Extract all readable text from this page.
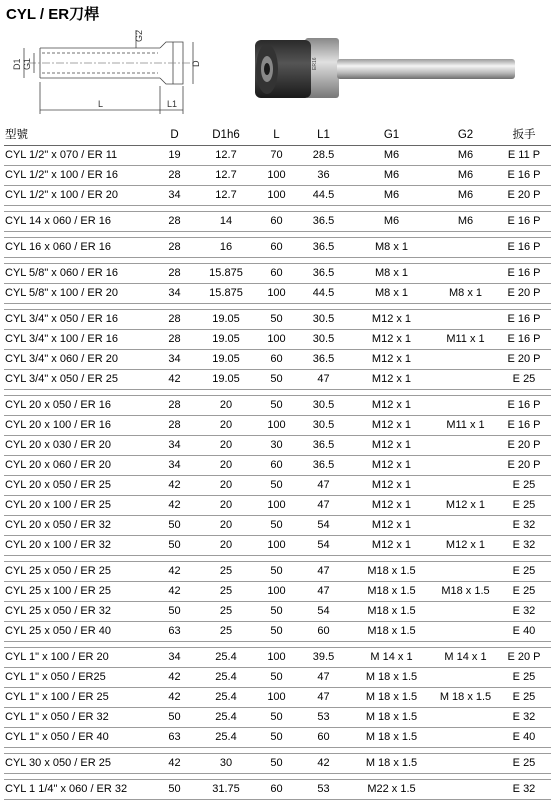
CYL / ER刀桿
G2
D1 G1	D
L	L1
ER16
型號	D	D1h6	L	L1	G1	G2	扳手
CYL 1/2" x 070 / ER 11	19	12.7	70	28.5	M6	M6	E 11 P
CYL 1/2" x 100 / ER 16	28	12.7	100	36	M6	M6	E 16 P
CYL 1/2" x 100 / ER 20	34	12.7	100	44.5	M6	M6	E 20 P

CYL 14 x 060 / ER 16	28	14	60	36.5	M6	M6	E 16 P

CYL 16 x 060 / ER 16	28	16	60	36.5	M8 x 1		E 16 P

CYL 5/8" x 060 / ER 16	28	15.875	60	36.5	M8 x 1		E 16 P
CYL 5/8" x 100 / ER 20	34	15.875	100	44.5	M8 x 1	M8 x 1	E 20 P

CYL 3/4" x 050 / ER 16	28	19.05	50	30.5	M12 x 1		E 16 P
CYL 3/4" x 100 / ER 16	28	19.05	100	30.5	M12 x 1	M11 x 1	E 16 P
CYL 3/4" x 060 / ER 20	34	19.05	60	36.5	M12 x 1		E 20 P
CYL 3/4" x 050 / ER 25	42	19.05	50	47	M12 x 1		E 25

CYL 20 x 050 / ER 16	28	20	50	30.5	M12 x 1		E 16 P
CYL 20 x 100 / ER 16	28	20	100	30.5	M12 x 1	M11 x 1	E 16 P
CYL 20 x 030 / ER 20	34	20	30	36.5	M12 x 1		E 20 P
CYL 20 x 060 / ER 20	34	20	60	36.5	M12 x 1		E 20 P
CYL 20 x 050 / ER 25	42	20	50	47	M12 x 1		E 25
CYL 20 x 100 / ER 25	42	20	100	47	M12 x 1	M12 x 1	E 25
CYL 20 x 050 / ER 32	50	20	50	54	M12 x 1		E 32
CYL 20 x 100 / ER 32	50	20	100	54	M12 x 1	M12 x 1	E 32

CYL 25 x 050 / ER 25	42	25	50	47	M18 x 1.5		E 25
CYL 25 x 100 / ER 25	42	25	100	47	M18 x 1.5	M18 x 1.5	E 25
CYL 25 x 050 / ER 32	50	25	50	54	M18 x 1.5		E 32
CYL 25 x 050 / ER 40	63	25	50	60	M18 x 1.5		E 40

CYL 1" x 100 / ER 20	34	25.4	100	39.5	M 14 x 1	M 14 x 1	E 20 P
CYL 1" x 050 / ER25	42	25.4	50	47	M 18 x 1.5		E 25
CYL 1" x 100 / ER 25	42	25.4	100	47	M 18 x 1.5	M 18 x 1.5	E 25
CYL 1" x 050 / ER 32	50	25.4	50	53	M 18 x 1.5		E 32
CYL 1" x 050 / ER 40	63	25.4	50	60	M 18 x 1.5		E 40

CYL 30 x 050 / ER 25	42	30	50	42	M 18 x 1.5		E 25

CYL 1 1/4" x 060 / ER 32	50	31.75	60	53	M22 x 1.5		E 32
